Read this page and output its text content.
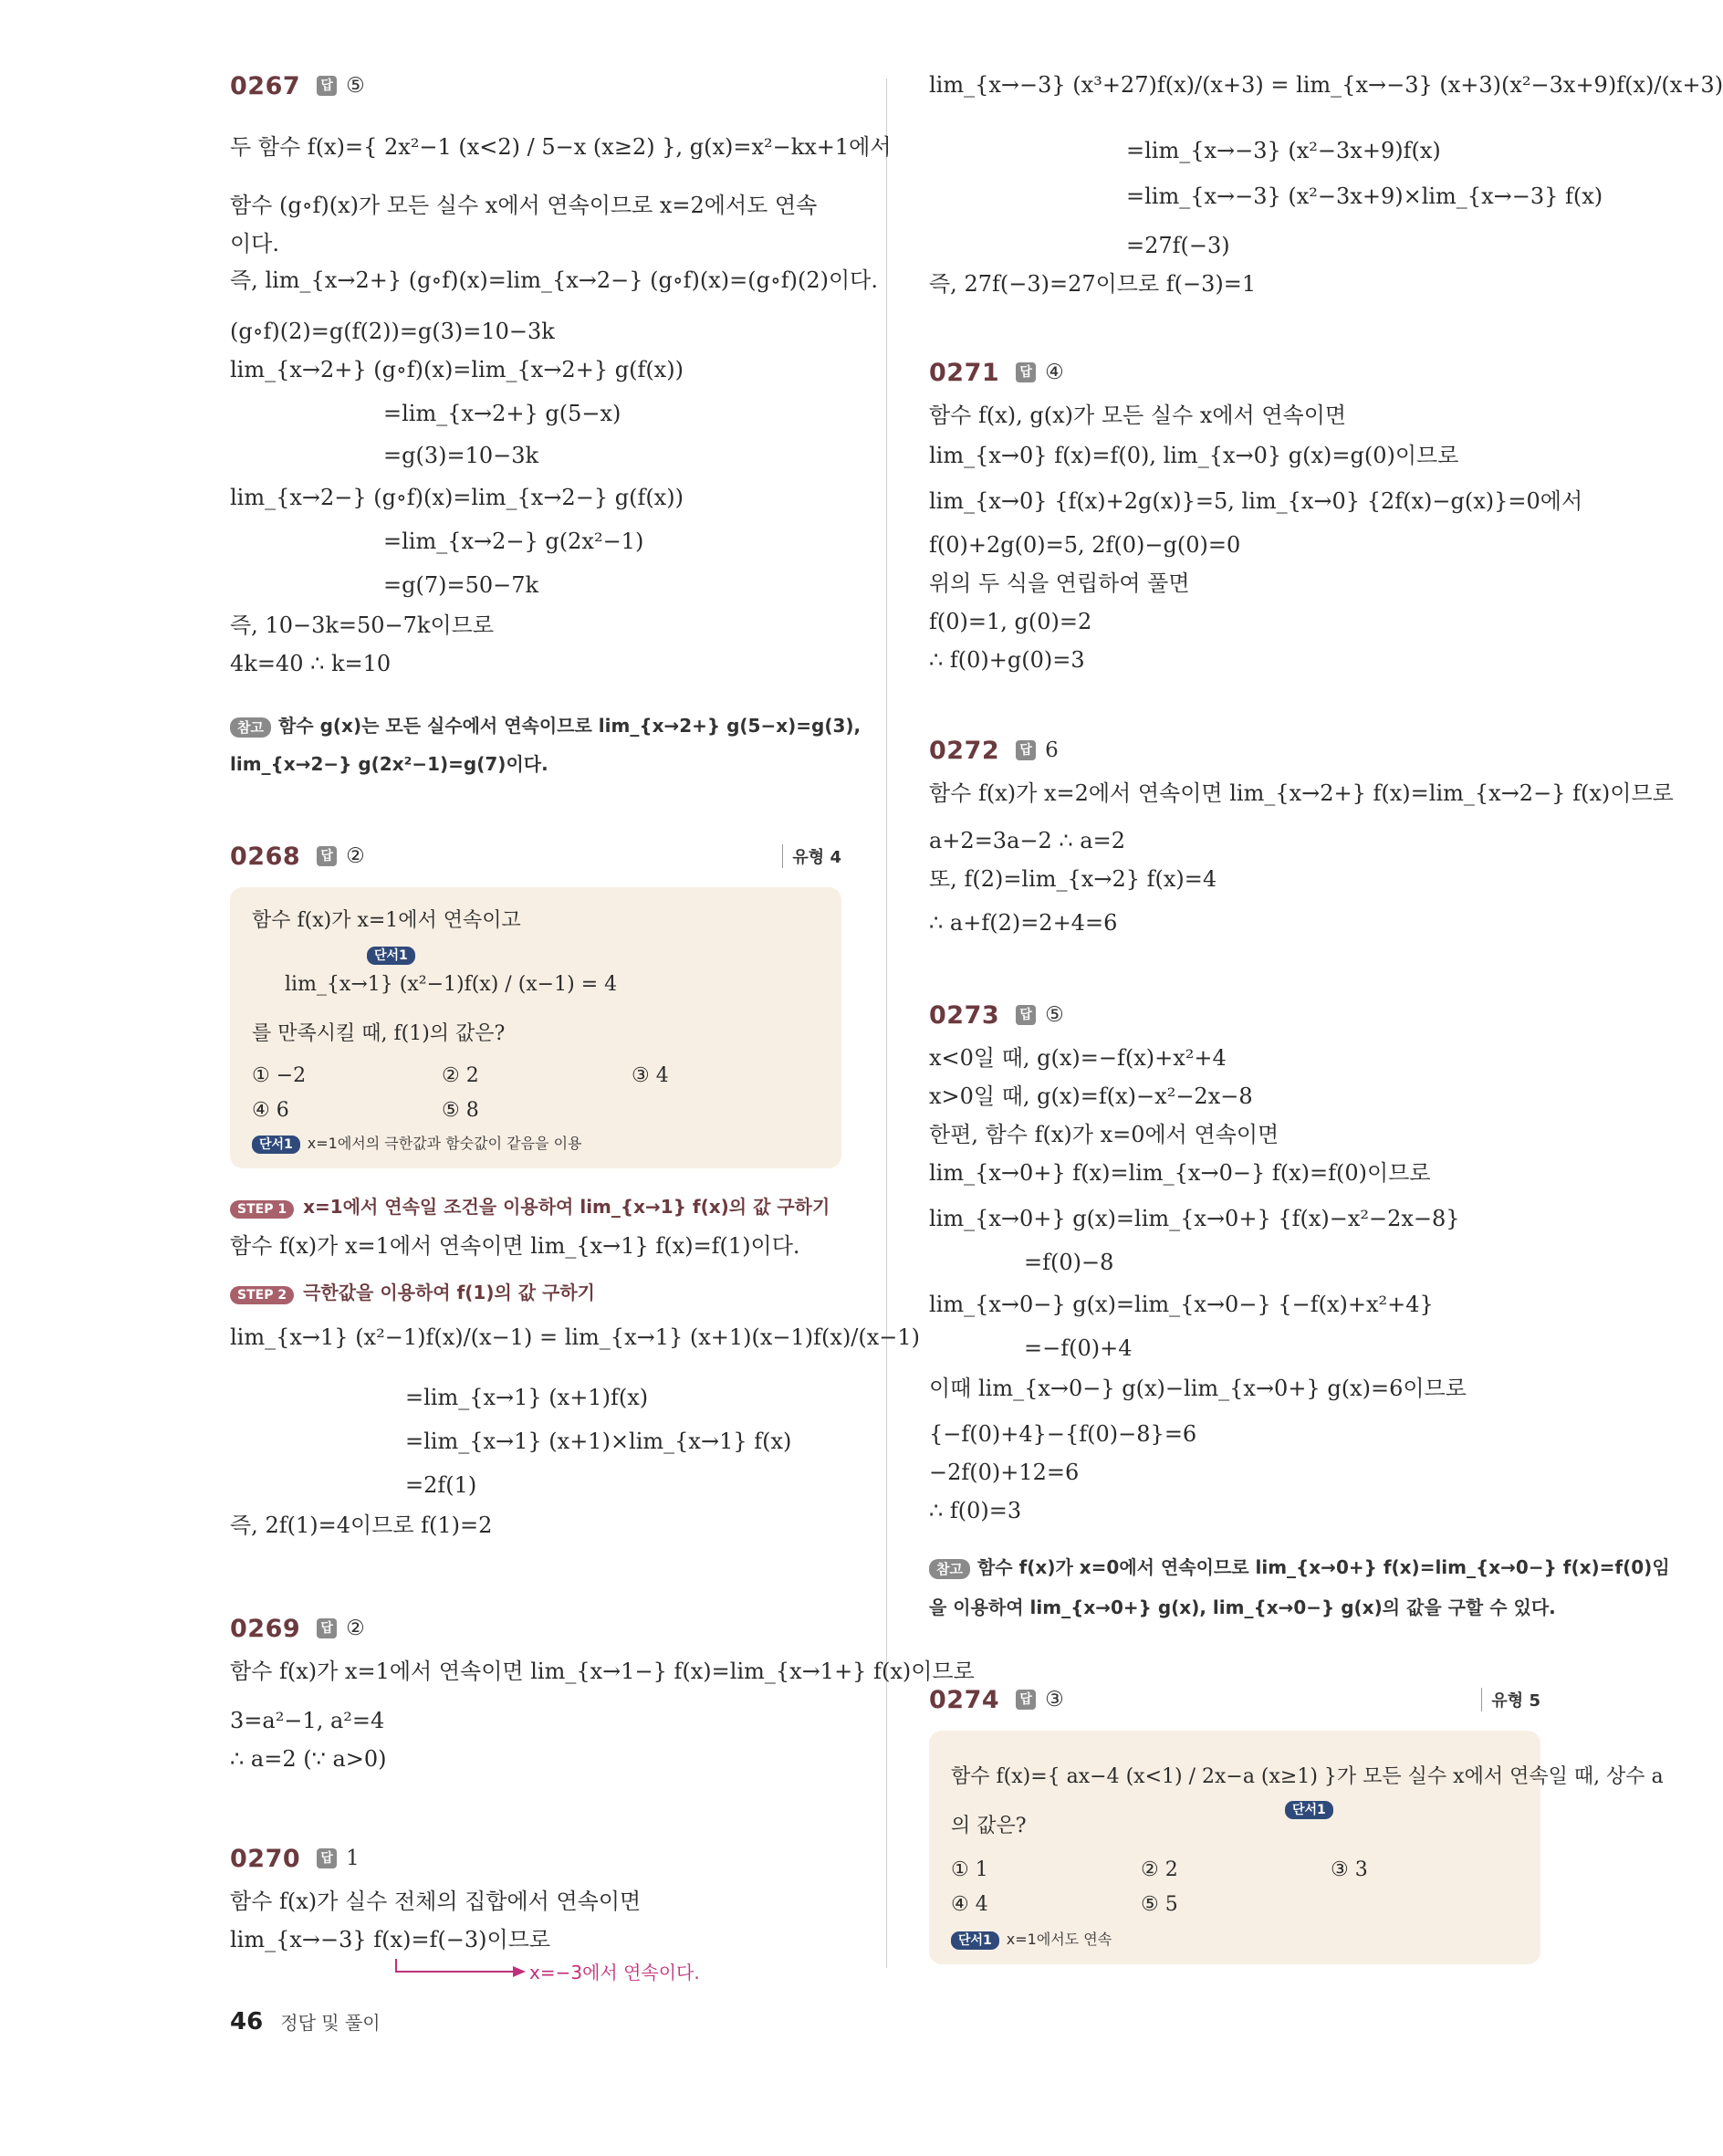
0267	답 ⑤
두 함수 f(x)={ 2x²−1 (x<2) / 5−x (x≥2) }, g(x)=x²−kx+1에서
함수 (g∘f)(x)가 모든 실수 x에서 연속이므로 x=2에서도 연속
이다.
즉, lim_{x→2+} (g∘f)(x)=lim_{x→2−} (g∘f)(x)=(g∘f)(2)이다.
(g∘f)(2)=g(f(2))=g(3)=10−3k
lim_{x→2+} (g∘f)(x)=lim_{x→2+} g(f(x))
=lim_{x→2+} g(5−x)
=g(3)=10−3k
lim_{x→2−} (g∘f)(x)=lim_{x→2−} g(f(x))
=lim_{x→2−} g(2x²−1)
=g(7)=50−7k
즉, 10−3k=50−7k이므로
4k=40 ∴ k=10
참고 함수 g(x)는 모든 실수에서 연속이므로 lim_{x→2+} g(5−x)=g(3),
lim_{x→2−} g(2x²−1)=g(7)이다.
0268	답 ②	유형 4
함수 f(x)가 x=1에서 연속이고
단서1
lim_{x→1} (x²−1)f(x) / (x−1) = 4
를 만족시킬 때, f(1)의 값은?
① −2	② 2	③ 4
④ 6	⑤ 8
단서1 x=1에서의 극한값과 함숫값이 같음을 이용
STEP 1 x=1에서 연속일 조건을 이용하여 lim_{x→1} f(x)의 값 구하기
함수 f(x)가 x=1에서 연속이면 lim_{x→1} f(x)=f(1)이다.
STEP 2 극한값을 이용하여 f(1)의 값 구하기
lim_{x→1} (x²−1)f(x)/(x−1) = lim_{x→1} (x+1)(x−1)f(x)/(x−1)
=lim_{x→1} (x+1)f(x)
=lim_{x→1} (x+1)×lim_{x→1} f(x)
=2f(1)
즉, 2f(1)=4이므로 f(1)=2
0269	답 ②
함수 f(x)가 x=1에서 연속이면 lim_{x→1−} f(x)=lim_{x→1+} f(x)이므로
3=a²−1, a²=4
∴ a=2 (∵ a>0)
0270	답 1
함수 f(x)가 실수 전체의 집합에서 연속이면
lim_{x→−3} f(x)=f(−3)이므로
x=−3에서 연속이다.
lim_{x→−3} (x³+27)f(x)/(x+3) = lim_{x→−3} (x+3)(x²−3x+9)f(x)/(x+3)
=lim_{x→−3} (x²−3x+9)f(x)
=lim_{x→−3} (x²−3x+9)×lim_{x→−3} f(x)
=27f(−3)
즉, 27f(−3)=27이므로 f(−3)=1
0271	답 ④
함수 f(x), g(x)가 모든 실수 x에서 연속이면
lim_{x→0} f(x)=f(0), lim_{x→0} g(x)=g(0)이므로
lim_{x→0} {f(x)+2g(x)}=5, lim_{x→0} {2f(x)−g(x)}=0에서
f(0)+2g(0)=5, 2f(0)−g(0)=0
위의 두 식을 연립하여 풀면
f(0)=1, g(0)=2
∴ f(0)+g(0)=3
0272	답 6
함수 f(x)가 x=2에서 연속이면 lim_{x→2+} f(x)=lim_{x→2−} f(x)이므로
a+2=3a−2 ∴ a=2
또, f(2)=lim_{x→2} f(x)=4
∴ a+f(2)=2+4=6
0273	답 ⑤
x<0일 때, g(x)=−f(x)+x²+4
x>0일 때, g(x)=f(x)−x²−2x−8
한편, 함수 f(x)가 x=0에서 연속이면
lim_{x→0+} f(x)=lim_{x→0−} f(x)=f(0)이므로
lim_{x→0+} g(x)=lim_{x→0+} {f(x)−x²−2x−8}
=f(0)−8
lim_{x→0−} g(x)=lim_{x→0−} {−f(x)+x²+4}
=−f(0)+4
이때 lim_{x→0−} g(x)−lim_{x→0+} g(x)=6이므로
{−f(0)+4}−{f(0)−8}=6
−2f(0)+12=6
∴ f(0)=3
참고 함수 f(x)가 x=0에서 연속이므로 lim_{x→0+} f(x)=lim_{x→0−} f(x)=f(0)임
을 이용하여 lim_{x→0+} g(x), lim_{x→0−} g(x)의 값을 구할 수 있다.
0274	답 ③	유형 5
함수 f(x)={ ax−4 (x<1) / 2x−a (x≥1) }가 모든 실수 x에서 연속일 때, 상수 a
단서1
의 값은?
① 1	② 2	③ 3
④ 4	⑤ 5
단서1 x=1에서도 연속
46 정답 및 풀이
